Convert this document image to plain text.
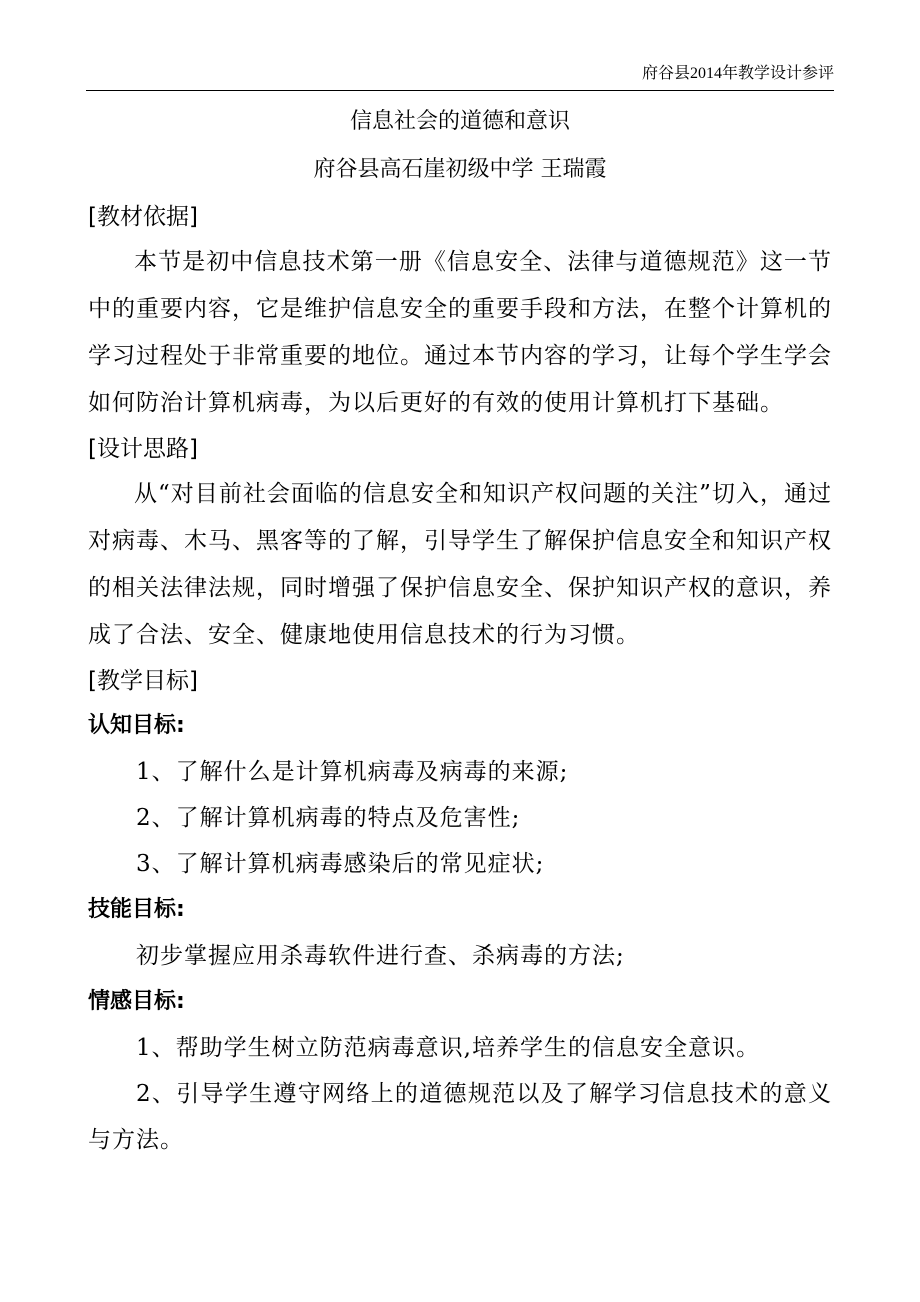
府谷县2014年教学设计参评
信息社会的道德和意识
府谷县高石崖初级中学 王瑞霞

[教材依据]

本节是初中信息技术第一册《信息安全、法律与道德规范》这一节中的重要内容，它是维护信息安全的重要手段和方法，在整个计算机的学习过程处于非常重要的地位。通过本节内容的学习，让每个学生学会如何防治计算机病毒，为以后更好的有效的使用计算机打下基础。

[设计思路]

从“对目前社会面临的信息安全和知识产权问题的关注”切入，通过对病毒、木马、黑客等的了解，引导学生了解保护信息安全和知识产权的相关法律法规，同时增强了保护信息安全、保护知识产权的意识，养成了合法、安全、健康地使用信息技术的行为习惯。

[教学目标]

认知目标:

1、了解什么是计算机病毒及病毒的来源;

2、了解计算机病毒的特点及危害性;

3、了解计算机病毒感染后的常见症状;

技能目标:

初步掌握应用杀毒软件进行查、杀病毒的方法;

情感目标:

1、帮助学生树立防范病毒意识,培养学生的信息安全意识。

2、引导学生遵守网络上的道德规范以及了解学习信息技术的意义与方法。
